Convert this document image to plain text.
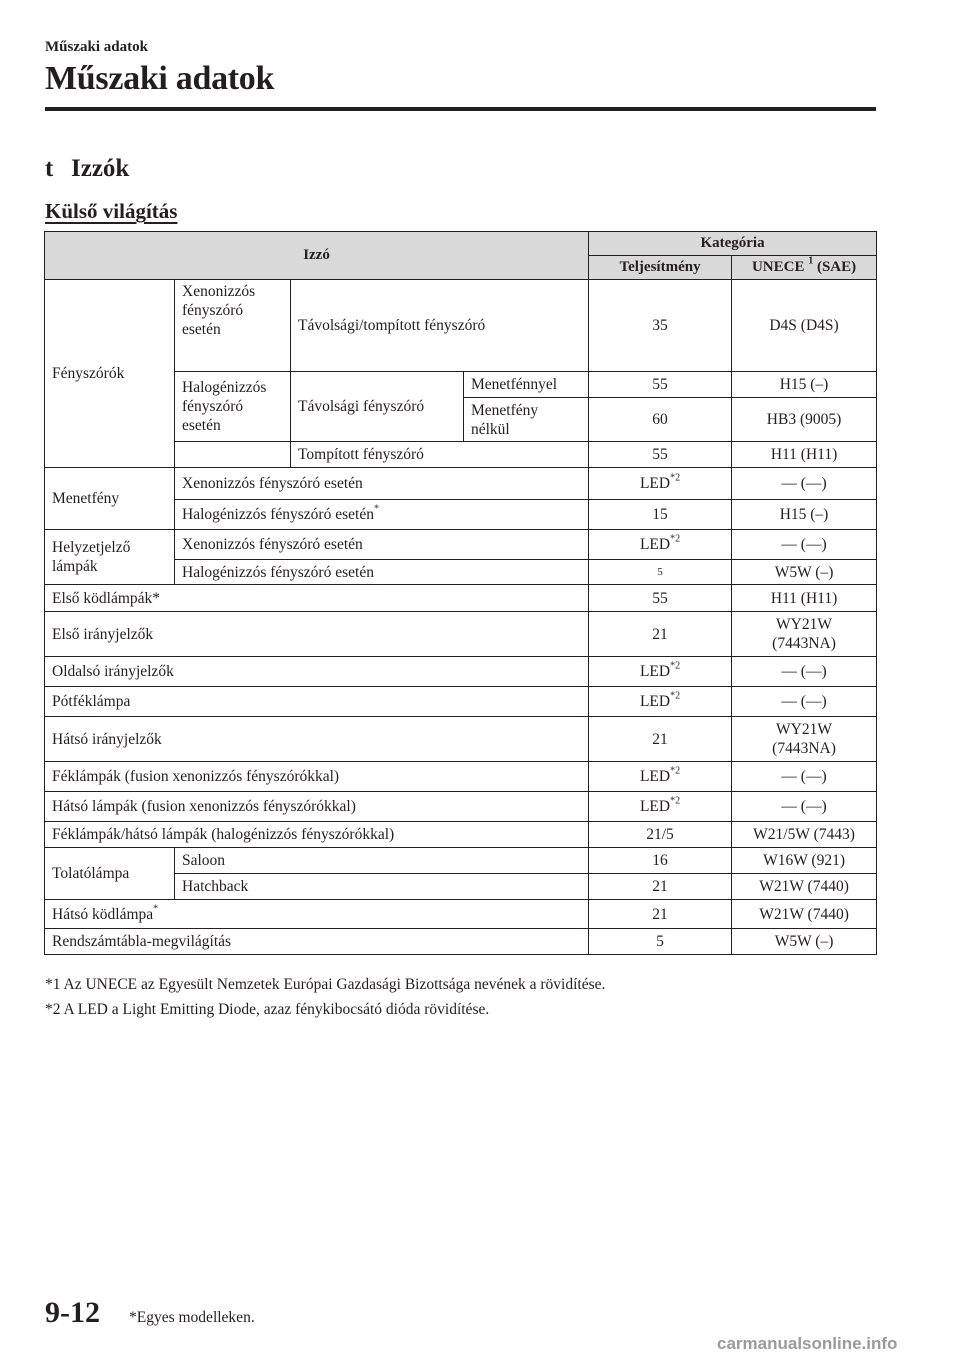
Műszaki adatok
Műszaki adatok
t Izzók
Külső világítás
Izzó				Kategória	
				Teljesítmény	UNECE $^1$ (SAE)
Fényszórók	Xenonizzós
fényszóró
esetén	Távolsági/tompított fényszóró		35	D4S (D4S)
	Halogénizzós
fényszóró
esetén	Távolsági fényszóró	Menetfénnyel	55	H15 (–)
			Menetfény
nélkül	60	HB3 (9005)
		Tompított fényszóró		55	H11 (H11)
Menetfény	Xenonizzós fényszóró esetén			LED$^{*2}$	— (—)
	Halogénizzós fényszóró esetén*			15	H15 (–)
Helyzetjelző
lámpák	Xenonizzós fényszóró esetén			LED$^{*2}$	— (—)
	Halogénizzós fényszóró esetén			5	W5W (–)
Első ködlámpák*				55	H11 (H11)
Első irányjelzők				21	WY21W
(7443NA)
Oldalsó irányjelzők				LED$^{*2}$	— (—)
Pótféklámpa				LED$^{*2}$	— (—)
Hátsó irányjelzők				21	WY21W
(7443NA)
Féklámpák (fusion xenonizzós fényszórókkal)				LED$^{*2}$	— (—)
Hátsó lámpák (fusion xenonizzós fényszórókkal)				LED$^{*2}$	— (—)
Féklámpák/hátsó lámpák (halogénizzós fényszórókkal)				21/5	W21/5W (7443)
Tolatólámpa	Saloon			16	W16W (921)
	Hatchback			21	W21W (7440)
Hátsó ködlámpa*				21	W21W (7440)
Rendszámtábla-megvilágítás				5	W5W (–)
*1 Az UNECE az Egyesült Nemzetek Európai Gazdasági Bizottsága nevének a rövidítése.
*2 A LED a Light Emitting Diode, azaz fénykibocsátó dióda rövidítése.
9-12 *Egyes modelleken.
carmanualsonline.info
